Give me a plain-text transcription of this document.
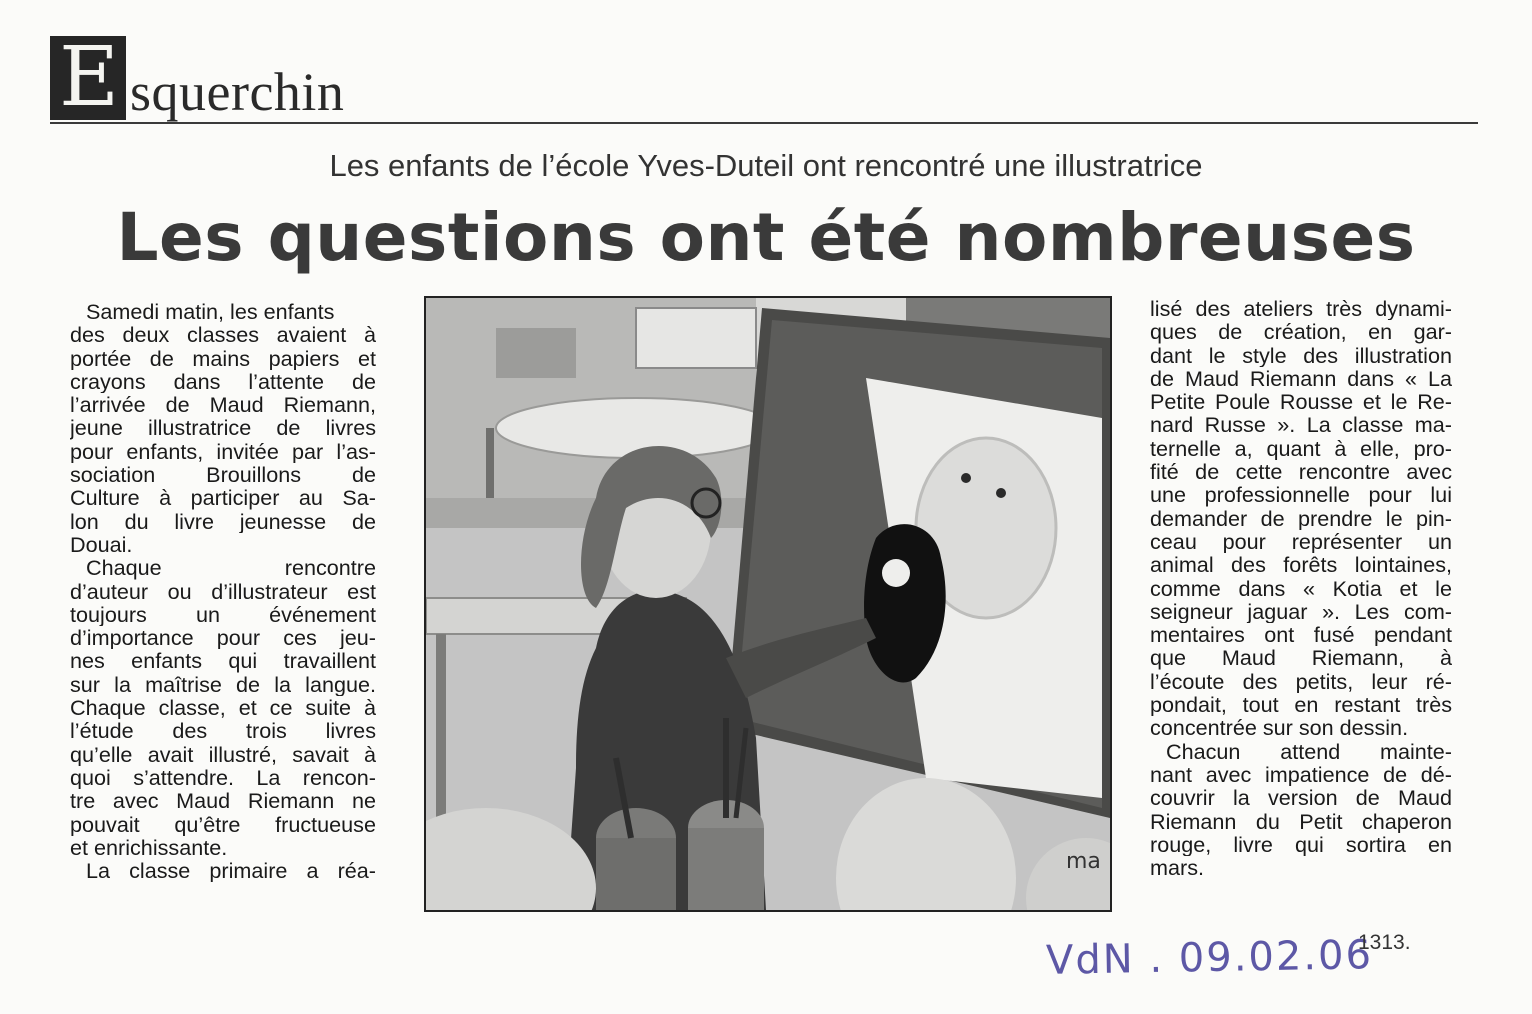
E squerchin
Les enfants de l’école Yves-Duteil ont rencontré une illustratrice
Les questions ont été nombreuses
Samedi matin, les enfants
des deux classes avaient à
portée de mains papiers et
crayons dans l’attente de
l’arrivée de Maud Riemann,
jeune illustratrice de livres
pour enfants, invitée par l’as-
sociation Brouillons de
Culture à participer au Sa-
lon du livre jeunesse de
Douai.
Chaque rencontre
d’auteur ou d’illustrateur est
toujours un événement
d’importance pour ces jeu-
nes enfants qui travaillent
sur la maîtrise de la langue.
Chaque classe, et ce suite à
l’étude des trois livres
qu’elle avait illustré, savait à
quoi s’attendre. La rencon-
tre avec Maud Riemann ne
pouvait qu’être fructueuse
et enrichissante.
La classe primaire a réa-	ma
lisé des ateliers très dynami-
ques de création, en gar-
dant le style des illustration
de Maud Riemann dans « La
Petite Poule Rousse et le Re-
nard Russe ». La classe ma-
ternelle a, quant à elle, pro-
fité de cette rencontre avec
une professionnelle pour lui
demander de prendre le pin-
ceau pour représenter un
animal des forêts lointaines,
comme dans « Kotia et le
seigneur jaguar ». Les com-
mentaires ont fusé pendant
que Maud Riemann, à
l’écoute des petits, leur ré-
pondait, tout en restant très
concentrée sur son dessin.
Chacun attend mainte-
nant avec impatience de dé-
couvrir la version de Maud
Riemann du Petit chaperon
rouge, livre qui sortira en
mars.
VdN . 09.02.06
1313.
